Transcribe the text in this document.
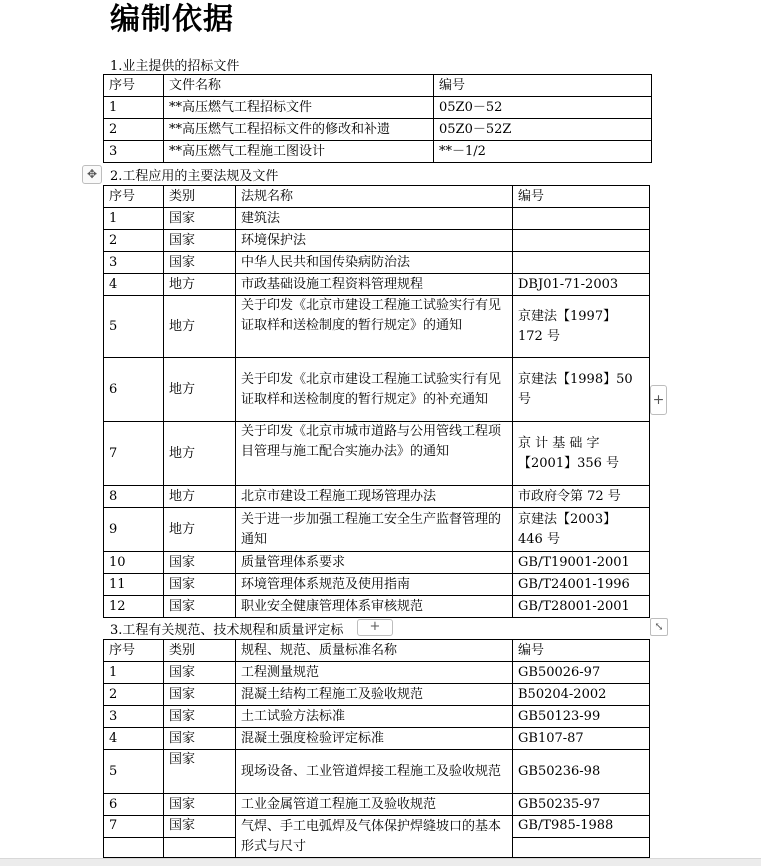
编制依据
1.业主提供的招标文件
序号	文件名称	编号
1	**高压燃气工程招标文件	05Z0－52
2	**高压燃气工程招标文件的修改和补遗	05Z0－52Z
3	**高压燃气工程施工图设计	**－1/2
✥ 2.工程应用的主要法规及文件
序号	类别	法规名称	编号
1	国家	建筑法	
2	国家	环境保护法	
3	国家	中华人民共和国传染病防治法	
4	地方	市政基础设施工程资料管理规程	DBJ01-71-2003
5	地方	关于印发《北京市建设工程施工试验实行有见证取样和送检制度的暂行规定》的通知	京建法【1997】 172 号
6	地方	关于印发《北京市建设工程施工试验实行有见证取样和送检制度的暂行规定》的补充通知	京建法【1998】50 号
7	地方	关于印发《北京市城市道路与公用管线工程项目管理与施工配合实施办法》的通知	京 计 基 础 字【2001】356 号
8	地方	北京市建设工程施工现场管理办法	市政府令第 72 号
9	地方	关于进一步加强工程施工安全生产监督管理的通知	京建法【2003】 446 号
10	国家	质量管理体系要求	GB/T19001-2001
11	国家	环境管理体系规范及使用指南	GB/T24001-1996
12	国家	职业安全健康管理体系审核规范	GB/T28001-2001
+
3.工程有关规范、技术规程和质量评定标	+	⤡
序号	类别	规程、规范、质量标准名称	编号
1	国家	工程测量规范	GB50026-97
2	国家	混凝土结构工程施工及验收规范	B50204-2002
3	国家	土工试验方法标准	GB50123-99
4	国家	混凝土强度检验评定标准	GB107-87
5	国家	现场设备、工业管道焊接工程施工及验收规范	GB50236-98
6	国家	工业金属管道工程施工及验收规范	GB50235-97
7	国家	气焊、手工电弧焊及气体保护焊缝坡口的基本形式与尺寸	GB/T985-1988
